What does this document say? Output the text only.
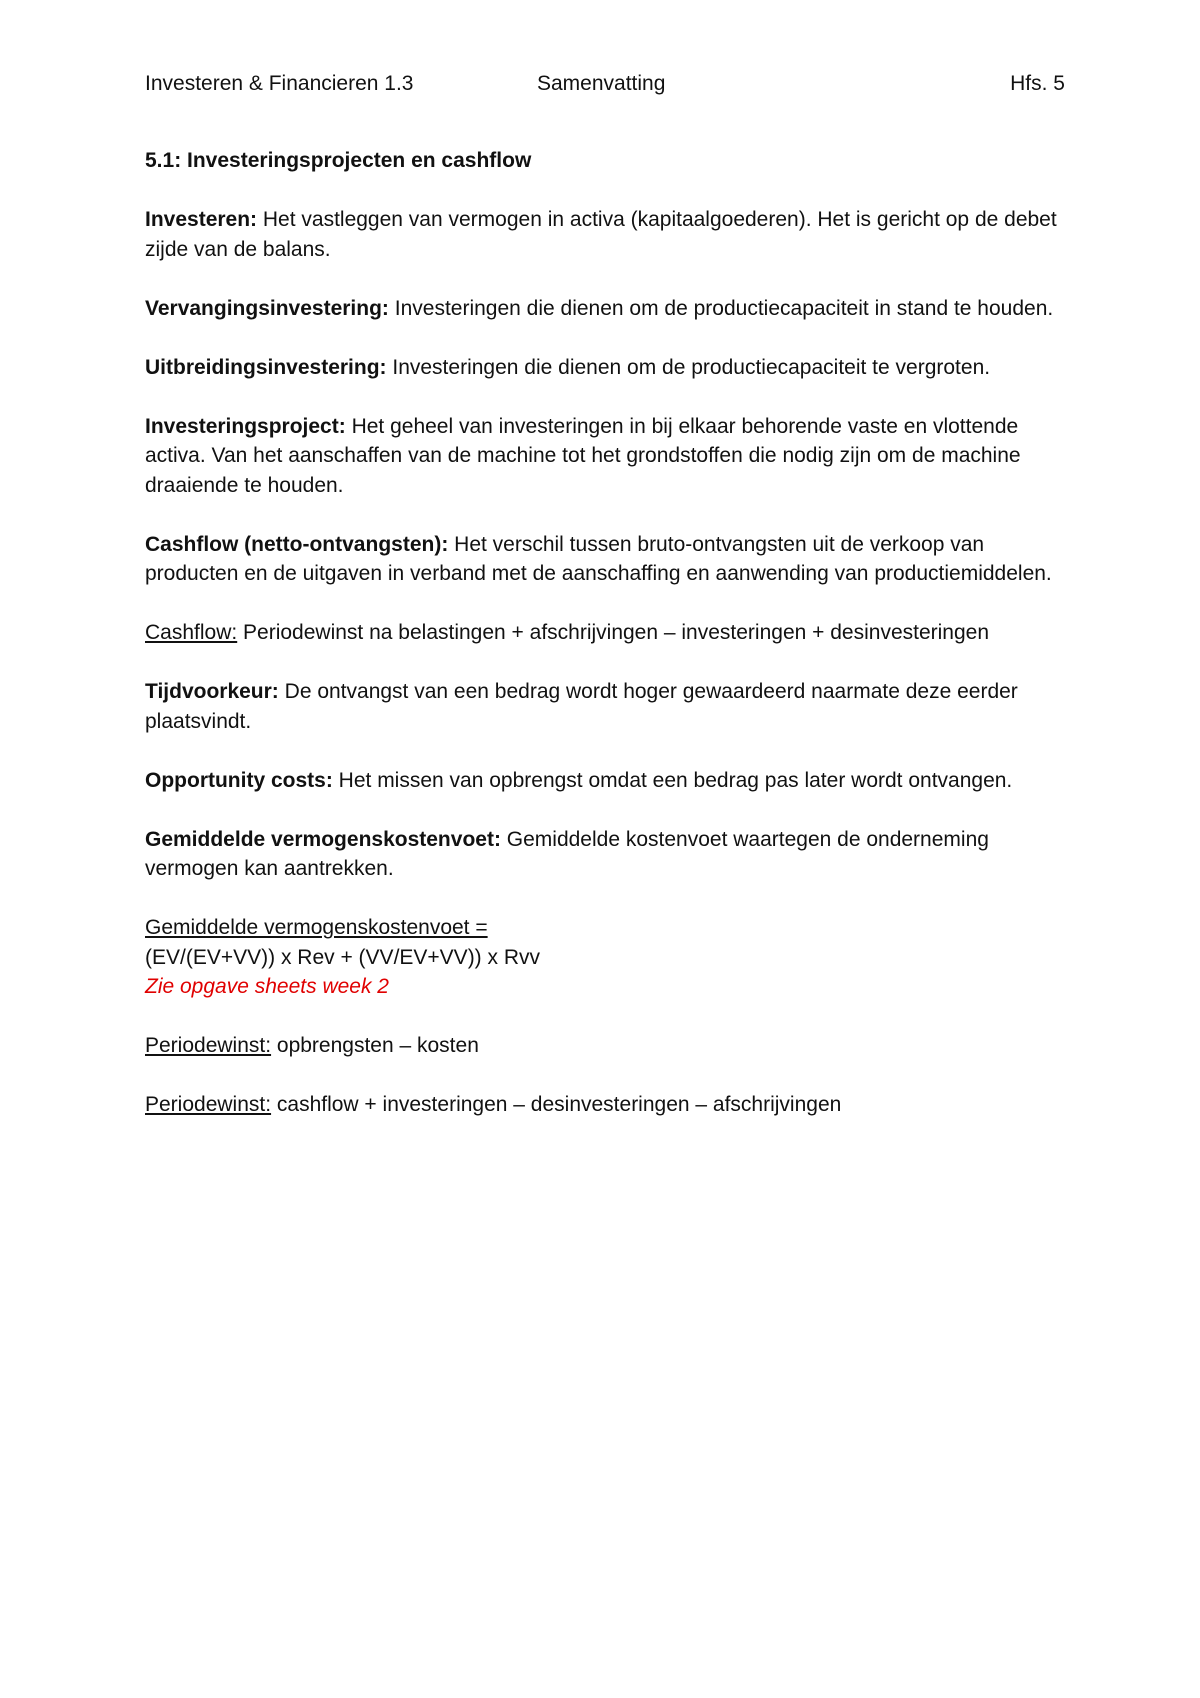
Investeren & Financieren 1.3	Samenvatting	Hfs. 5
5.1: Investeringsprojecten en cashflow

Investeren: Het vastleggen van vermogen in activa (kapitaalgoederen). Het is gericht op de debet zijde van de balans.

Vervangingsinvestering: Investeringen die dienen om de productiecapaciteit in stand te houden.

Uitbreidingsinvestering: Investeringen die dienen om de productiecapaciteit te vergroten.

Investeringsproject: Het geheel van investeringen in bij elkaar behorende vaste en vlottende activa. Van het aanschaffen van de machine tot het grondstoffen die nodig zijn om de machine draaiende te houden.

Cashflow (netto-ontvangsten): Het verschil tussen bruto-ontvangsten uit de verkoop van producten en de uitgaven in verband met de aanschaffing en aanwending van productiemiddelen.

Cashflow: Periodewinst na belastingen + afschrijvingen – investeringen + desinvesteringen

Tijdvoorkeur: De ontvangst van een bedrag wordt hoger gewaardeerd naarmate deze eerder plaatsvindt.

Opportunity costs: Het missen van opbrengst omdat een bedrag pas later wordt ontvangen.

Gemiddelde vermogenskostenvoet: Gemiddelde kostenvoet waartegen de onderneming vermogen kan aantrekken.

Gemiddelde vermogenskostenvoet =
(EV/(EV+VV)) x Rev + (VV/EV+VV)) x Rvv
Zie opgave sheets week 2

Periodewinst: opbrengsten – kosten

Periodewinst: cashflow + investeringen – desinvesteringen – afschrijvingen
